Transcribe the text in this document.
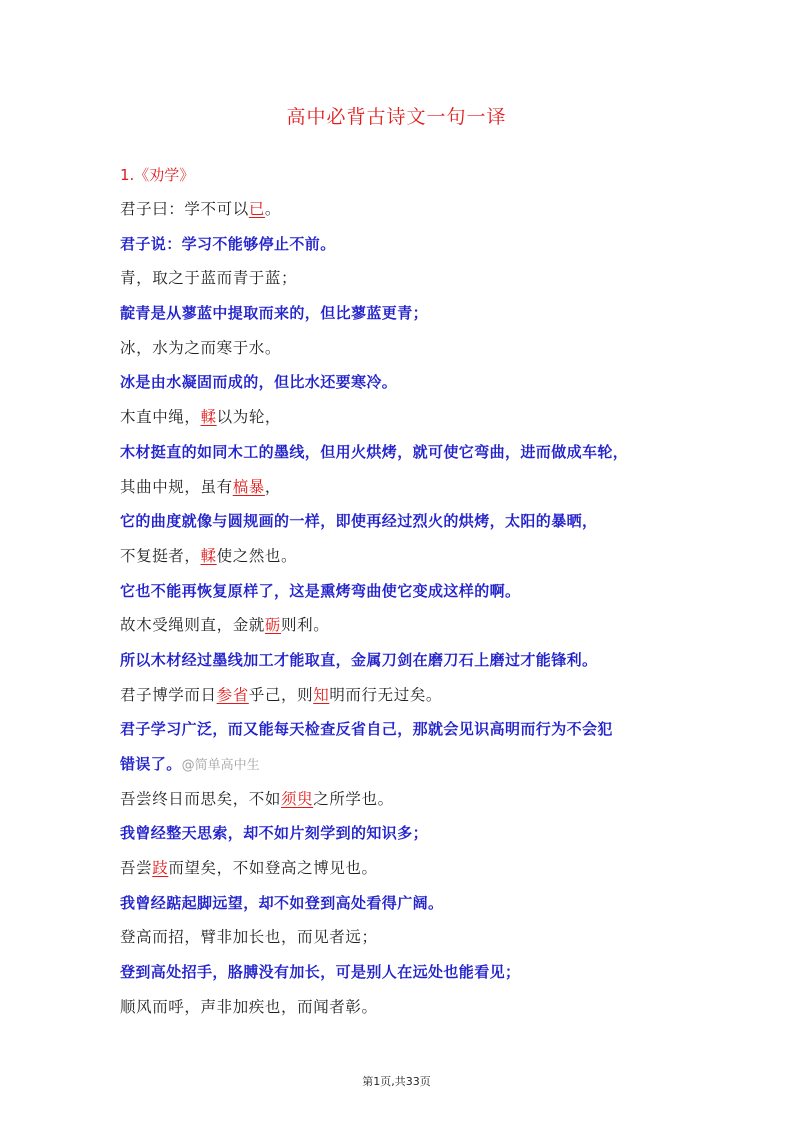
高中必背古诗文一句一译
1.《劝学》
君子曰：学不可以已。
君子说：学习不能够停止不前。
青，取之于蓝而青于蓝；
靛青是从蓼蓝中提取而来的，但比蓼蓝更青；
冰，水为之而寒于水。
冰是由水凝固而成的，但比水还要寒冷。
木直中绳，輮以为轮，
木材挺直的如同木工的墨线，但用火烘烤，就可使它弯曲，进而做成车轮，
其曲中规，虽有槁暴，
它的曲度就像与圆规画的一样，即使再经过烈火的烘烤，太阳的暴晒，
不复挺者，輮使之然也。
它也不能再恢复原样了，这是熏烤弯曲使它变成这样的啊。
故木受绳则直，金就砺则利。
所以木材经过墨线加工才能取直，金属刀剑在磨刀石上磨过才能锋利。
君子博学而日参省乎己，则知明而行无过矣。
君子学习广泛，而又能每天检查反省自己，那就会见识高明而行为不会犯
错误了。@简单高中生
吾尝终日而思矣，不如须臾之所学也。
我曾经整天思索，却不如片刻学到的知识多；
吾尝跂而望矣，不如登高之博见也。
我曾经踮起脚远望，却不如登到高处看得广阔。
登高而招，臂非加长也，而见者远；
登到高处招手，胳膊没有加长，可是别人在远处也能看见；
顺风而呼，声非加疾也，而闻者彰。
第1页,共33页
